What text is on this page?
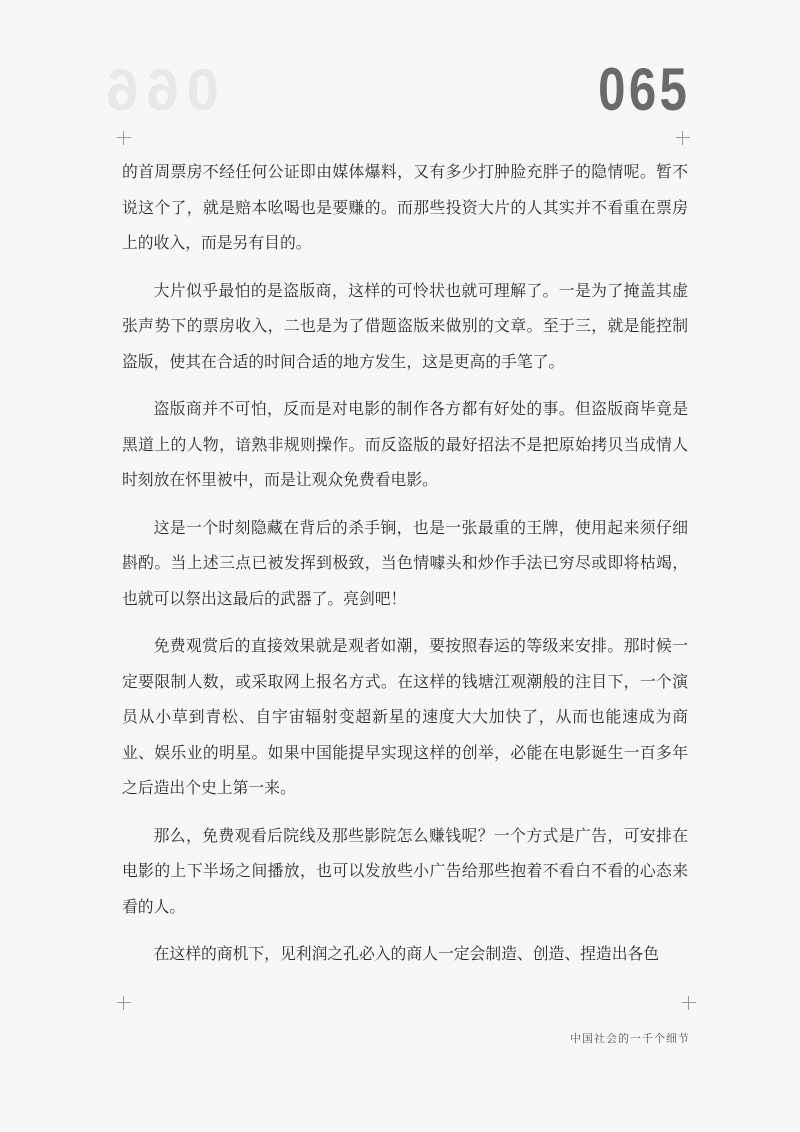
066	065

的首周票房不经任何公证即由媒体爆料，又有多少打肿脸充胖子的隐情呢。暂不说这个了，就是赔本吆喝也是要赚的。而那些投资大片的人其实并不看重在票房上的收入，而是另有目的。

大片似乎最怕的是盗版商，这样的可怜状也就可理解了。一是为了掩盖其虚张声势下的票房收入，二也是为了借题盗版来做别的文章。至于三，就是能控制盗版，使其在合适的时间合适的地方发生，这是更高的手笔了。

盗版商并不可怕，反而是对电影的制作各方都有好处的事。但盗版商毕竟是黑道上的人物，谙熟非规则操作。而反盗版的最好招法不是把原始拷贝当成情人时刻放在怀里被中，而是让观众免费看电影。

这是一个时刻隐藏在背后的杀手锏，也是一张最重的王牌，使用起来须仔细斟酌。当上述三点已被发挥到极致，当色情噱头和炒作手法已穷尽或即将枯竭，也就可以祭出这最后的武器了。亮剑吧！

免费观赏后的直接效果就是观者如潮，要按照春运的等级来安排。那时候一定要限制人数，或采取网上报名方式。在这样的钱塘江观潮般的注目下，一个演员从小草到青松、自宇宙辐射变超新星的速度大大加快了，从而也能速成为商业、娱乐业的明星。如果中国能提早实现这样的创举，必能在电影诞生一百多年之后造出个史上第一来。

那么，免费观看后院线及那些影院怎么赚钱呢？一个方式是广告，可安排在电影的上下半场之间播放，也可以发放些小广告给那些抱着不看白不看的心态来看的人。

在这样的商机下，见利润之孔必入的商人一定会制造、创造、捏造出各色

中国社会的一千个细节
